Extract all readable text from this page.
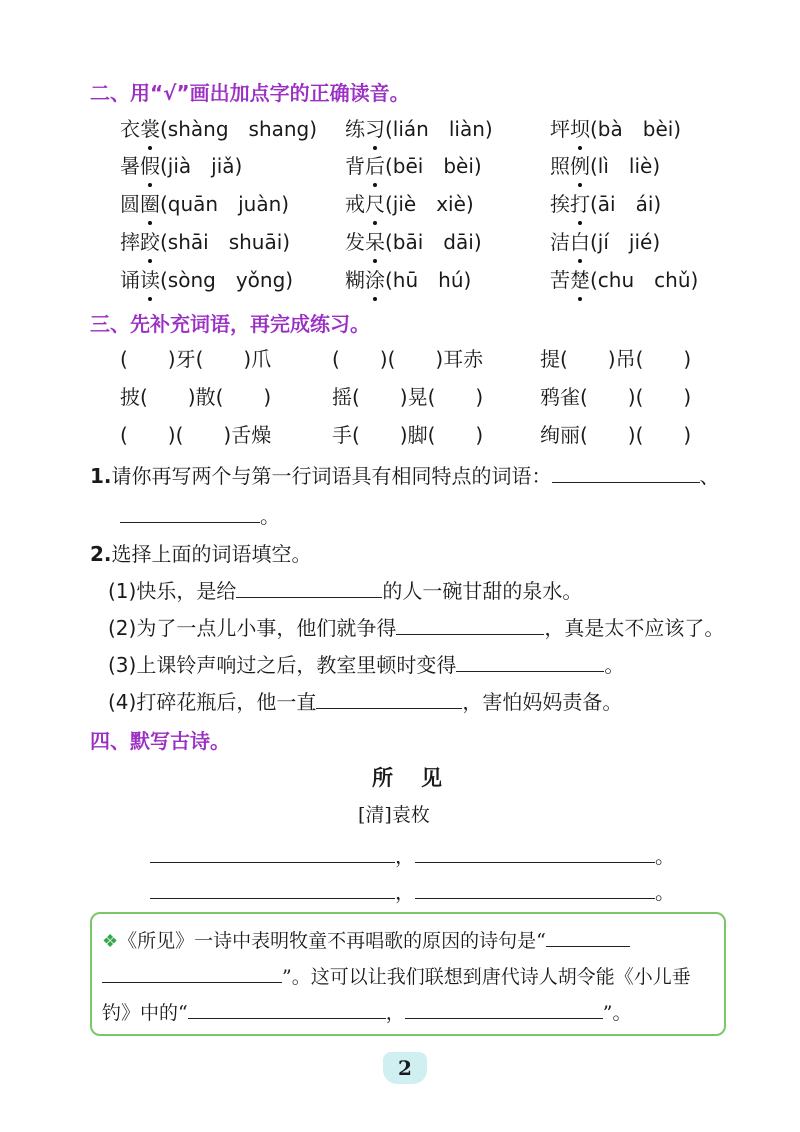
二、用“√”画出加点字的正确读音。
衣裳(shàng　shang) 练习(lián　liàn)	坪坝(bà　bèi)
暑假(jià　jiǎ)	背后(bēi　bèi)	照例(lì　liè)
圆圈(quān　juàn)	戒尺(jiè　xiè)	挨打(āi　ái)
摔跤(shāi　shuāi)	发呆(bāi　dāi)	洁白(jí　jié)
诵读(sòng　yǒng)	糊涂(hū　hú)	苦楚(chu　chǔ)
三、先补充词语，再完成练习。
(　　)牙(　　)爪	(　　)(　　)耳赤	提(　　)吊(　　)
披(　　)散(　　)	摇(　　)晃(　　)	鸦雀(　　)(　　)
(　　)(　　)舌燥	手(　　)脚(　　)	绚丽(　　)(　　)
1.请你再写两个与第一行词语具有相同特点的词语：	、
。
2.选择上面的词语填空。
(1)快乐，是给	的人一碗甘甜的泉水。
(2)为了一点儿小事，他们就争得	，真是太不应该了。
(3)上课铃声响过之后，教室里顿时变得	。
(4)打碎花瓶后，他一直	，害怕妈妈责备。
四、默写古诗。
所见
[清]袁枚
，	。
，	。
❖《所见》一诗中表明牧童不再唱歌的原因的诗句是“
”。这可以让我们联想到唐代诗人胡令能《小儿垂
钓》中的“	，	”。
2
